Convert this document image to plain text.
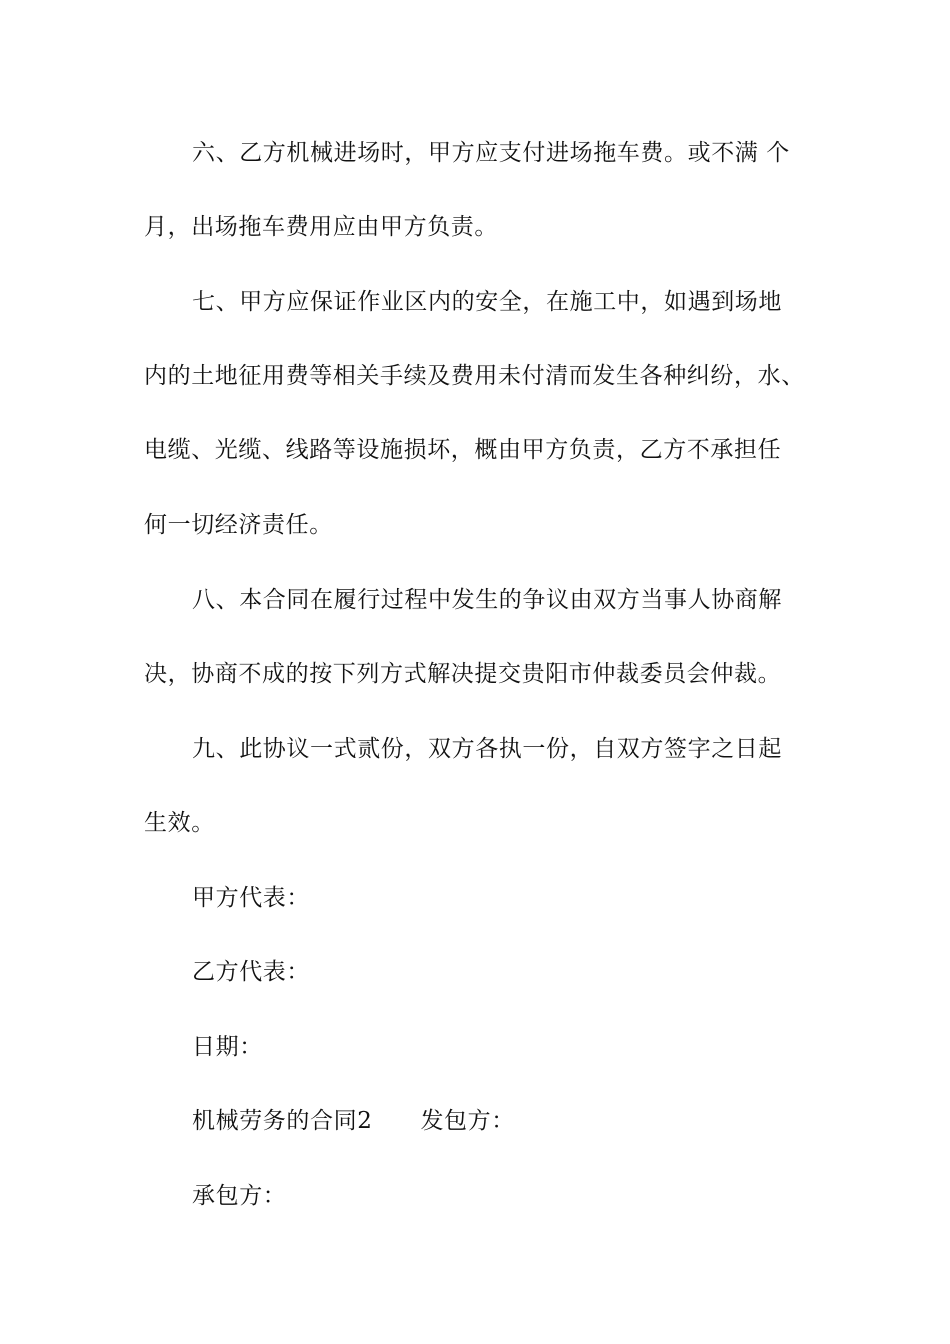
六、乙方机械进场时，甲方应支付进场拖车费。或不满 个
月，出场拖车费用应由甲方负责。
七、甲方应保证作业区内的安全，在施工中，如遇到场地
内的土地征用费等相关手续及费用未付清而发生各种纠纷，水、
电缆、光缆、线路等设施损坏，概由甲方负责，乙方不承担任
何一切经济责任。
八、本合同在履行过程中发生的争议由双方当事人协商解
决，协商不成的按下列方式解决提交贵阳市仲裁委员会仲裁。
九、此协议一式贰份，双方各执一份，自双方签字之日起
生效。
甲方代表：
乙方代表：
日期：
机械劳务的合同2 发包方：
承包方：
